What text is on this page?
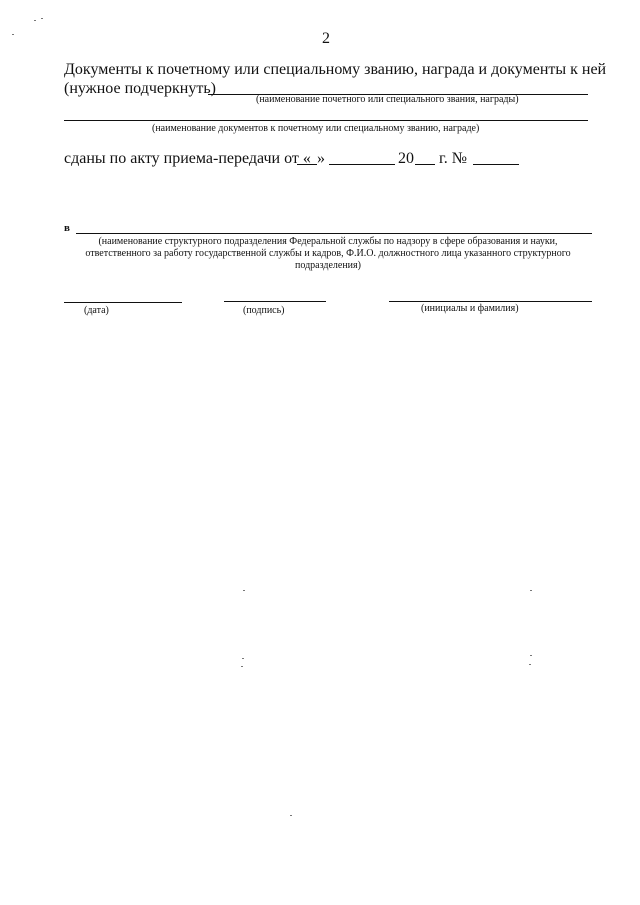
2
Документы к почетному или специальному званию, награда и документы к ней
(нужное подчеркнуть)
(наименование почетного или специального звания, награды)
(наименование документов к почетному или специальному званию, награде)
сданы по акту приема-передачи от « »	20 г. №
в
(наименование структурного подразделения Федеральной службы по надзору в сфере образования и науки,
ответственного за работу государственной службы и кадров, Ф.И.О. должностного лица указанного структурного
подразделения)
(дата)	(подпись)	(инициалы и фамилия)
